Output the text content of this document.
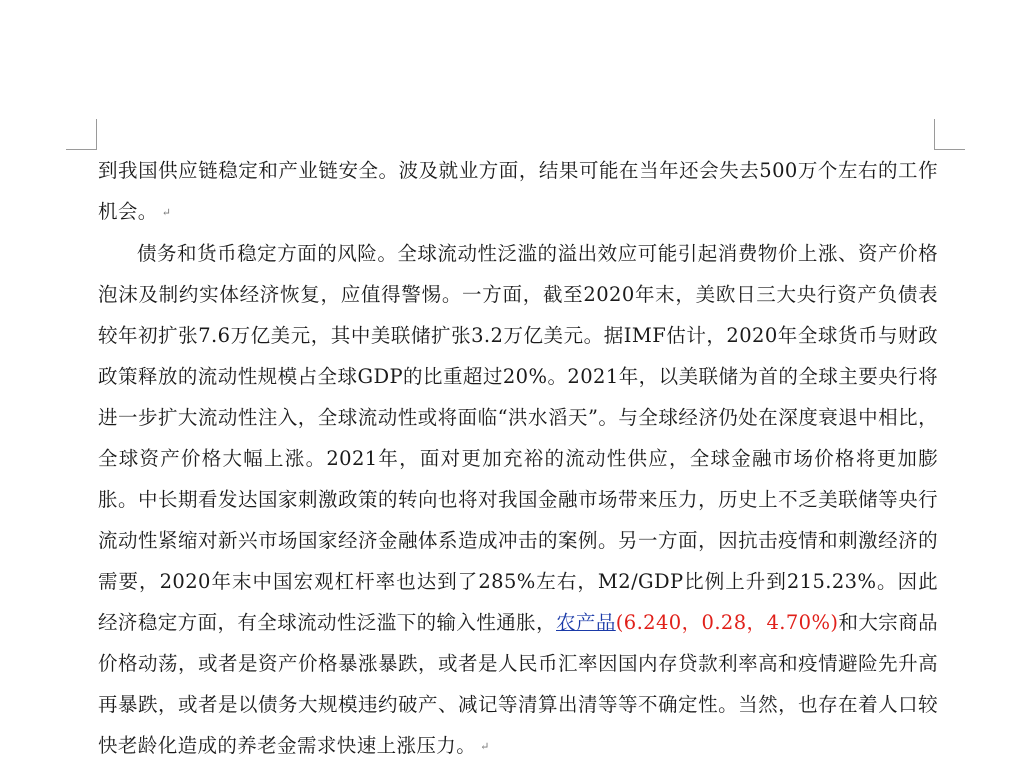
到我国供应链稳定和产业链安全。波及就业方面，结果可能在当年还会失去500万个左右的工作机会。 ↵

债务和货币稳定方面的风险。全球流动性泛滥的溢出效应可能引起消费物价上涨、资产价格泡沫及制约实体经济恢复，应值得警惕。一方面，截至2020年末，美欧日三大央行资产负债表较年初扩张7.6万亿美元，其中美联储扩张3.2万亿美元。据IMF估计，2020年全球货币与财政政策释放的流动性规模占全球GDP的比重超过20%。2021年，以美联储为首的全球主要央行将进一步扩大流动性注入，全球流动性或将面临“洪水滔天”。与全球经济仍处在深度衰退中相比，全球资产价格大幅上涨。2021年，面对更加充裕的流动性供应，全球金融市场价格将更加膨胀。中长期看发达国家刺激政策的转向也将对我国金融市场带来压力，历史上不乏美联储等央行流动性紧缩对新兴市场国家经济金融体系造成冲击的案例。另一方面，因抗击疫情和刺激经济的需要，2020年末中国宏观杠杆率也达到了285%左右，M2/GDP比例上升到215.23%。因此经济稳定方面，有全球流动性泛滥下的输入性通胀，农产品(6.240，0.28，4.70%)和大宗商品价格动荡，或者是资产价格暴涨暴跌，或者是人民币汇率因国内存贷款利率高和疫情避险先升高再暴跌，或者是以债务大规模违约破产、减记等清算出清等等不确定性。当然，也存在着人口较快老龄化造成的养老金需求快速上涨压力。 ↵
